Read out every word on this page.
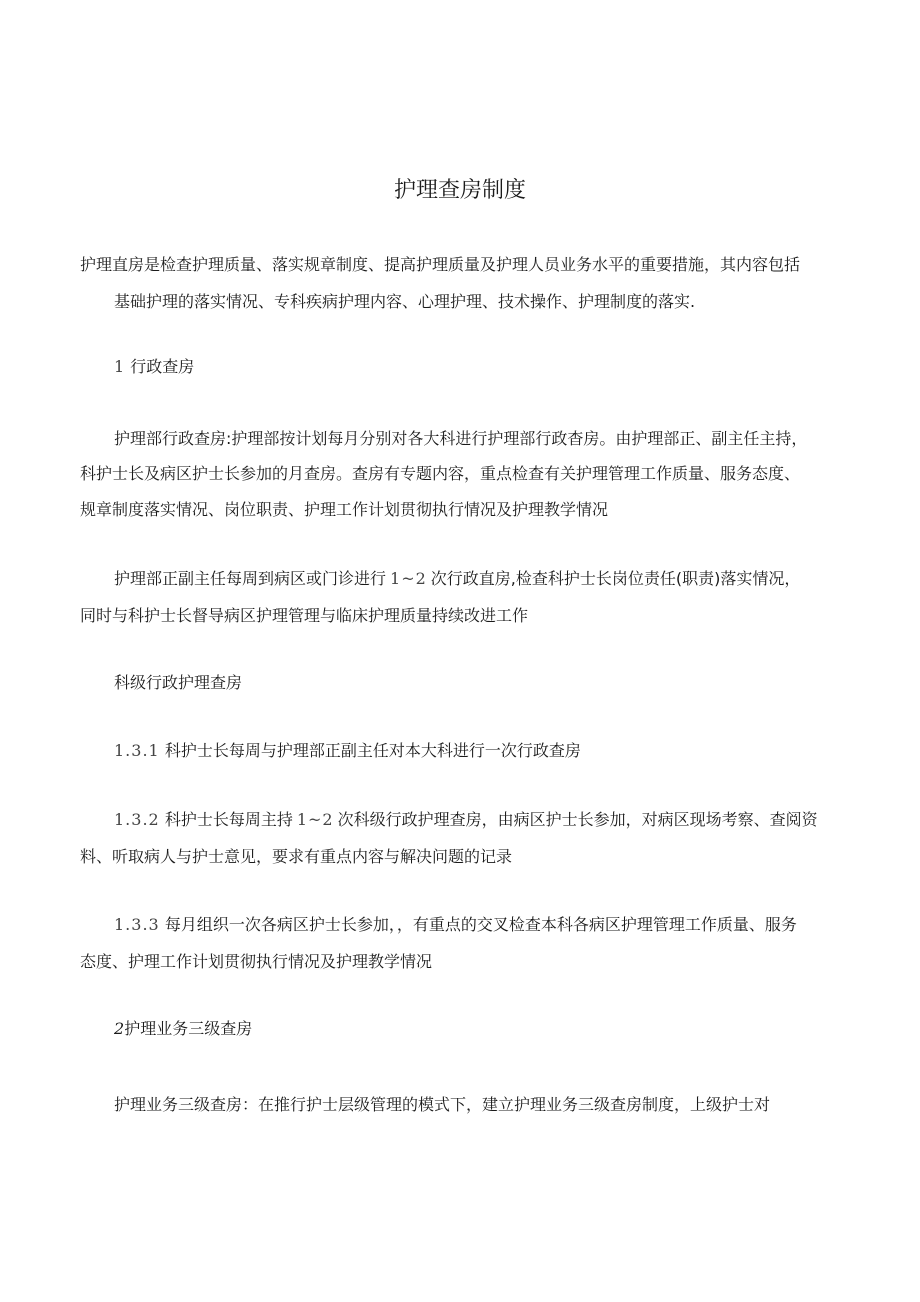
护理查房制度
护理直房是检查护理质量、落实规章制度、提高护理质量及护理人员业务水平的重要措施，其内容包括
基础护理的落实情况、专科疾病护理内容、心理护理、技术操作、护理制度的落实.
1 行政查房
护理部行政查房:护理部按计划每月分别对各大科进行护理部行政杳房。由护理部正、副主任主持，
科护士长及病区护士长参加的月查房。查房有专题内容，重点检查有关护理管理工作质量、服务态度、
规章制度落实情况、岗位职责、护理工作计划贯彻执行情况及护理教学情况
护理部正副主任每周到病区或门诊进行 1~2 次行政直房,检查科护士长岗位责任(职责)落实情况，
同时与科护士长督导病区护理管理与临床护理质量持续改进工作
科级行政护理查房
1.3.1 科护士长每周与护理部正副主任对本大科进行一次行政查房
1.3.2 科护士长每周主持 1~2 次科级行政护理查房，由病区护士长参加，对病区现场考察、查阅资
料、听取病人与护士意见，要求有重点内容与解决问题的记录
1.3.3 每月组织一次各病区护士长参加，，有重点的交叉检查本科各病区护理管理工作质量、服务
态度、护理工作计划贯彻执行情况及护理教学情况
2护理业务三级查房
护理业务三级查房：在推行护士层级管理的模式下，建立护理业务三级查房制度，上级护士对
